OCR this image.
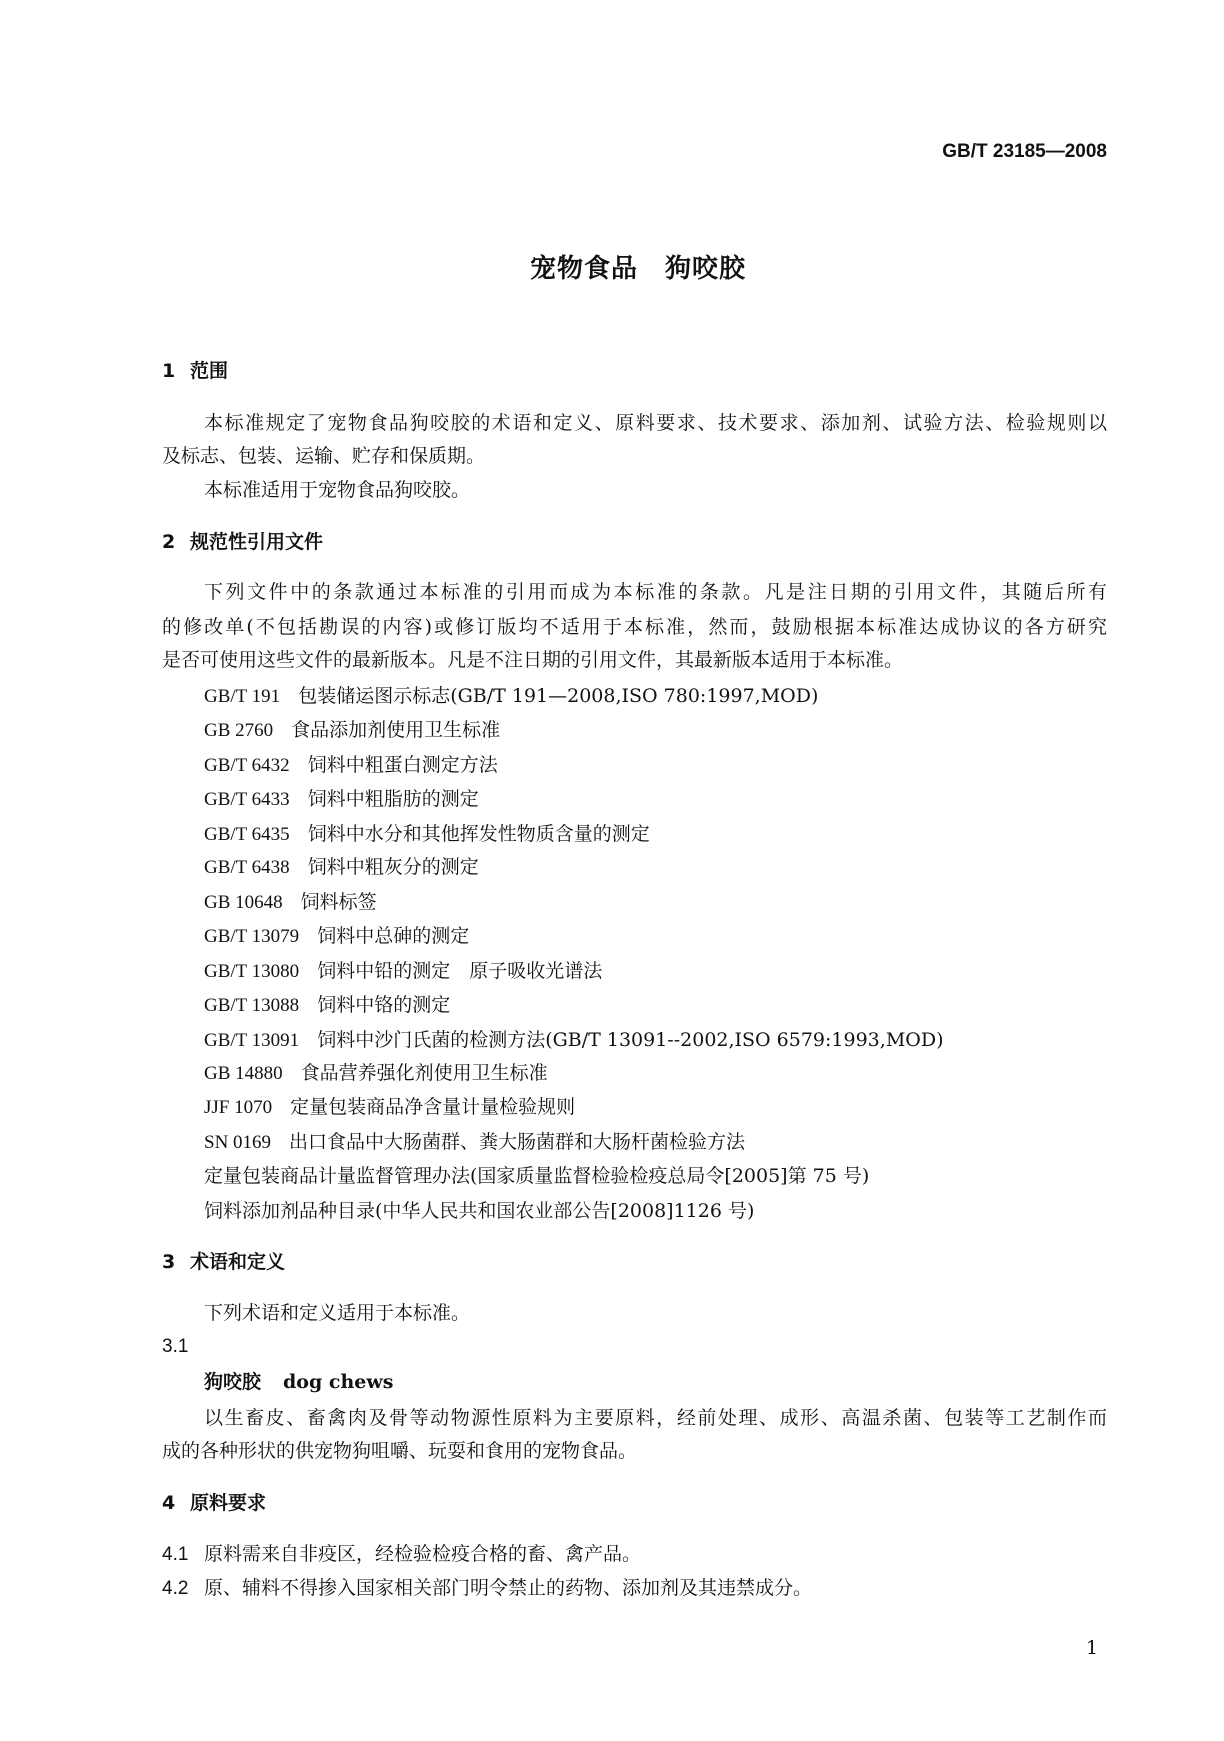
GB/T 23185—2008
宠物食品　狗咬胶
1 范围
本标准规定了宠物食品狗咬胶的术语和定义、原料要求、技术要求、添加剂、试验方法、检验规则以
及标志、包装、运输、贮存和保质期。
本标准适用于宠物食品狗咬胶。
2 规范性引用文件
下列文件中的条款通过本标准的引用而成为本标准的条款。凡是注日期的引用文件，其随后所有
的修改单(不包括勘误的内容)或修订版均不适用于本标准，然而，鼓励根据本标准达成协议的各方研究
是否可使用这些文件的最新版本。凡是不注日期的引用文件，其最新版本适用于本标准。
GB/T 191 包装储运图示标志(GB/T 191—2008,ISO 780:1997,MOD)
GB 2760 食品添加剂使用卫生标准
GB/T 6432 饲料中粗蛋白测定方法
GB/T 6433 饲料中粗脂肪的测定
GB/T 6435 饲料中水分和其他挥发性物质含量的测定
GB/T 6438 饲料中粗灰分的测定
GB 10648 饲料标签
GB/T 13079 饲料中总砷的测定
GB/T 13080 饲料中铅的测定　原子吸收光谱法
GB/T 13088 饲料中铬的测定
GB/T 13091 饲料中沙门氏菌的检测方法(GB/T 13091--2002,ISO 6579:1993,MOD)
GB 14880 食品营养强化剂使用卫生标准
JJF 1070 定量包装商品净含量计量检验规则
SN 0169 出口食品中大肠菌群、粪大肠菌群和大肠杆菌检验方法
定量包装商品计量监督管理办法(国家质量监督检验检疫总局令[2005]第 75 号)
饲料添加剂品种目录(中华人民共和国农业部公告[2008]1126 号)
3 术语和定义
下列术语和定义适用于本标准。
3.1
狗咬胶 dog chews
以生畜皮、畜禽肉及骨等动物源性原料为主要原料，经前处理、成形、高温杀菌、包装等工艺制作而
成的各种形状的供宠物狗咀嚼、玩耍和食用的宠物食品。
4 原料要求
4.1 原料需来自非疫区，经检验检疫合格的畜、禽产品。
4.2 原、辅料不得掺入国家相关部门明令禁止的药物、添加剂及其违禁成分。
1
